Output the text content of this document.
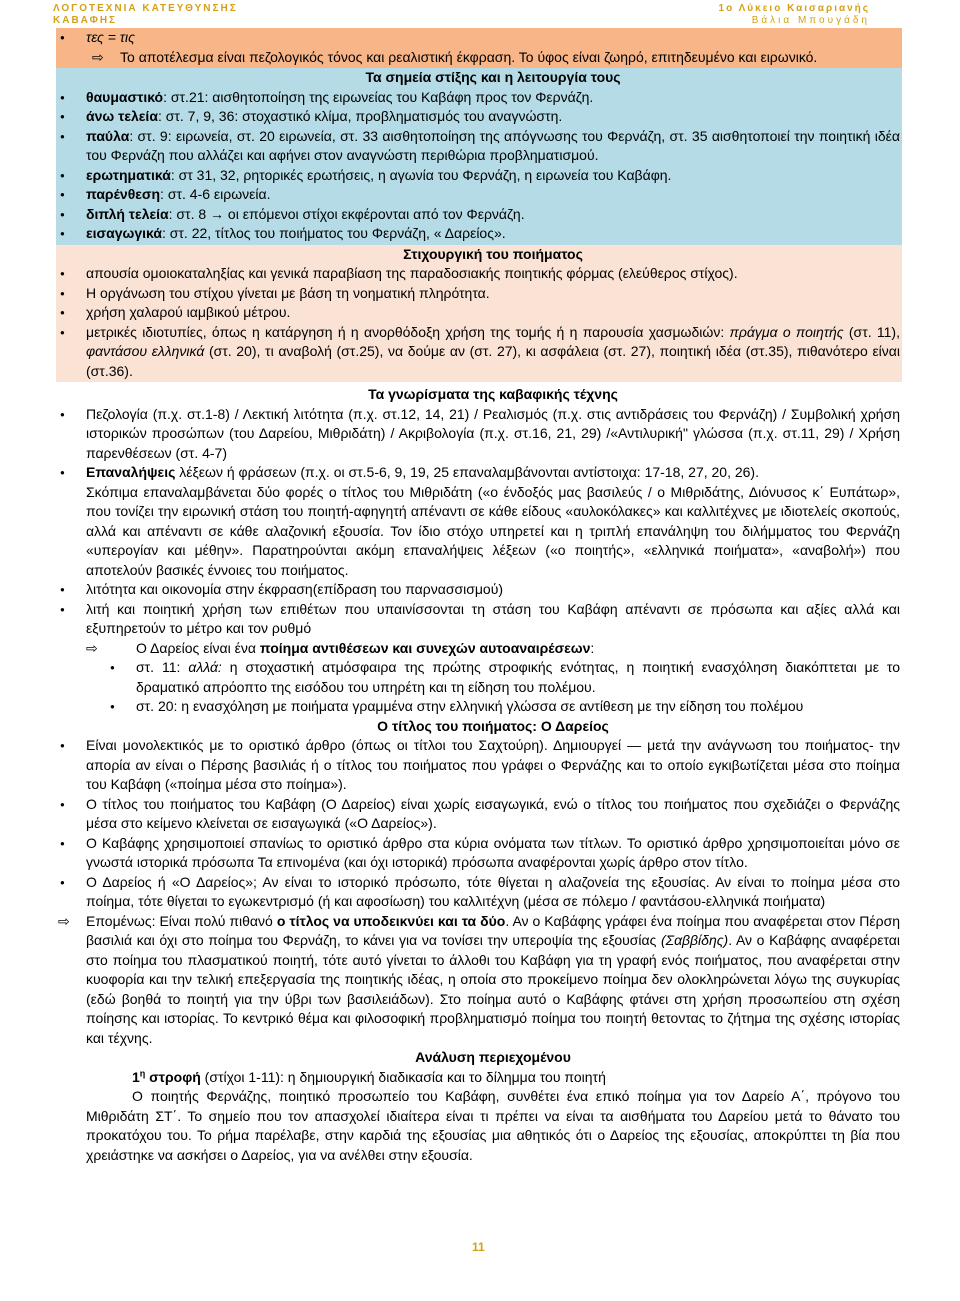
ΛΟΓΟΤΕΧΝΙΑ ΚΑΤΕΥΘΥΝΣΗΣ
ΚΑΒΑΦΗΣ
1ο Λύκειο Καισαριανής
Βάλια Μπουγάδη
● τες = τις
⇨ Το αποτέλεσμα είναι πεζολογικός τόνος και ρεαλιστική έκφραση. Το ύφος είναι ζωηρό, επιτηδευμένο και ειρωνικό.
Τα σημεία στίξης και η λειτουργία τους
● θαυμαστικό: στ.21: αισθητοποίηση της ειρωνείας του Καβάφη προς τον Φερνάζη.
● άνω τελεία: στ. 7, 9, 36: στοχαστικό κλίμα, προβληματισμός του αναγνώστη.
● παύλα: στ. 9: ειρωνεία, στ. 20 ειρωνεία, στ. 33 αισθητοποίηση της απόγνωσης του Φερνάζη, στ. 35 αισθητοποιεί την ποιητική ιδέα του Φερνάζη που αλλάζει και αφήνει στον αναγνώστη περιθώρια προβληματισμού.
● ερωτηματικά: στ 31, 32, ρητορικές ερωτήσεις, η αγωνία του Φερνάζη, η ειρωνεία του Καβάφη.
● παρένθεση: στ. 4-6 ειρωνεία.
● διπλή τελεία: στ. 8 → οι επόμενοι στίχοι εκφέρονται από τον Φερνάζη.
● εισαγωγικά: στ. 22, τίτλος του ποιήματος του Φερνάζη, « Δαρείος».
Στιχουργική του ποιήματος
● απουσία ομοιοκαταληξίας και γενικά παραβίαση της παραδοσιακής ποιητικής φόρμας (ελεύθερος στίχος).
● Η οργάνωση του στίχου γίνεται με βάση τη νοηματική πληρότητα.
● χρήση χαλαρού ιαμβικού μέτρου.
● μετρικές ιδιοτυπίες, όπως η κατάργηση ή η ανορθόδοξη χρήση της τομής ή η παρουσία χασμωδιών: πράγμα ο ποιητής (στ. 11), φαντάσου ελληνικά (στ. 20), τι αναβολή (στ.25), να δούμε αν (στ. 27), κι ασφάλεια (στ. 27), ποιητική ιδέα (στ.35), πιθανότερο είναι (στ.36).
Τα γνωρίσματα της καβαφικής τέχνης
● Πεζολογία (π.χ. στ.1-8) / Λεκτική λιτότητα (π.χ. στ.12, 14, 21) / Ρεαλισμός (π.χ. στις αντιδράσεις του Φερνάζη) / Συμβολική χρήση ιστορικών προσώπων (του Δαρείου, Μιθριδάτη) / Ακριβολογία (π.χ. στ.16, 21, 29) /«Αντιλυρική" γλώσσα (π.χ. στ.11, 29) / Χρήση παρενθέσεων (στ. 4-7)
● Επαναλήψεις λέξεων ή φράσεων (π.χ. οι στ.5-6, 9, 19, 25 επαναλαμβάνονται αντίστοιχα: 17-18, 27, 20, 26).
Σκόπιμα επαναλαμβάνεται δύο φορές ο τίτλος του Μιθριδάτη («ο ένδοξός μας βασιλεύς / ο Μιθριδάτης, Διόνυσος κ΄ Ευπάτωρ», που τονίζει την ειρωνική στάση του ποιητή-αφηγητή απέναντι σε κάθε είδους «αυλοκόλακες» και καλλιτέχνες με ιδιοτελείς σκοπούς, αλλά και απέναντι σε κάθε αλαζονική εξουσία. Τον ίδιο στόχο υπηρετεί και η τριπλή επανάληψη του διλήμματος του Φερνάζη «υπερογίαν και μέθην». Παρατηρούνται ακόμη επαναλήψεις λέξεων («ο ποιητής», «ελληνικά ποιήματα», «αναβολή») που αποτελούν βασικές έννοιες του ποιήματος.
● λιτότητα και οικονομία στην έκφραση(επίδραση του παρνασσισμού)
● λιτή και ποιητική χρήση των επιθέτων που υπαινίσσονται τη στάση του Καβάφη απέναντι σε πρόσωπα και αξίες αλλά και εξυπηρετούν το μέτρο και τον ρυθμό
⇨	Ο Δαρείος είναι ένα ποίημα αντιθέσεων και συνεχών αυτοαναιρέσεων:
● στ. 11: αλλά: η στοχαστική ατμόσφαιρα της πρώτης στροφικής ενότητας, η ποιητική ενασχόληση διακόπτεται με το δραματικό απρόοπτο της εισόδου του υπηρέτη και τη είδηση του πολέμου.
● στ. 20: η ενασχόληση με ποιήματα γραμμένα στην ελληνική γλώσσα σε αντίθεση με την είδηση του πολέμου
Ο τίτλος του ποιήματος: Ο Δαρείος
● Είναι μονολεκτικός με το οριστικό άρθρο (όπως οι τίτλοι του Σαχτούρη). Δημιουργεί — μετά την ανάγνωση του ποιήματος- την απορία αν είναι ο Πέρσης βασιλιάς ή ο τίτλος του ποιήματος που γράφει ο Φερνάζης και το οποίο εγκιβωτίζεται μέσα στο ποίημα του Καβάφη («ποίημα μέσα στο ποίημα»).
● Ο τίτλος του ποιήματος του Καβάφη (Ο Δαρείος) είναι χωρίς εισαγωγικά, ενώ ο τίτλος του ποιήματος που σχεδιάζει ο Φερνάζης μέσα στο κείμενο κλείνεται σε εισαγωγικά («Ο Δαρείος»).
● Ο Καβάφης χρησιμοποιεί σπανίως το οριστικό άρθρο στα κύρια ονόματα των τίτλων. Το οριστικό άρθρο χρησιμοποιείται μόνο σε γνωστά ιστορικά πρόσωπα Τα επινομένα (και όχι ιστορικά) πρόσωπα αναφέρονται χωρίς άρθρο στον τίτλο.
● Ο Δαρείος ή «Ο Δαρείος»; Αν είναι το ιστορικό πρόσωπο, τότε θίγεται η αλαζονεία της εξουσίας. Αν είναι το ποίημα μέσα στο ποίημα, τότε θίγεται το εγωκεντρισμό (ή και αφοσίωση) του καλλιτέχνη (μέσα σε πόλεμο / φαντάσου-ελληνικά ποιήματα)
⇨ Επομένως: Είναι πολύ πιθανό ο τίτλος να υποδεικνύει και τα δύο. Αν ο Καβάφης γράφει ένα ποίημα που αναφέρεται στον Πέρση βασιλιά και όχι στο ποίημα του Φερνάζη, το κάνει για να τονίσει την υπεροψία της εξουσίας (Σαββίδης). Αν ο Καβάφης αναφέρεται στο ποίημα του πλασματικού ποιητή, τότε αυτό γίνεται το άλλοθι του Καβάφη για τη γραφή ενός ποιήματος, που αναφέρεται στην κυοφορία και την τελική επεξεργασία της ποιητικής ιδέας, η οποία στο προκείμενο ποίημα δεν ολοκληρώνεται λόγω της συγκυρίας (εδώ βοηθά το ποιητή για την ύβρι των βασιλειάδων). Στο ποίημα αυτό ο Καβάφης φτάνει στη χρήση προσωπείου στη σχέση ποίησης και ιστορίας. Το κεντρικό θέμα και φιλοσοφική προβληματισμό ποίημα του ποιητή θετοντας το ζήτημα της σχέσης ιστορίας και τέχνης.
Ανάλυση περιεχομένου
$1^\eta$ στροφή (στίχοι 1-11): η δημιουργική διαδικασία και το δίλημμα του ποιητή
Ο ποιητής Φερνάζης, ποιητικό προσωπείο του Καβάφη, συνθέτει ένα επικό ποίημα για τον Δαρείο Α΄, πρόγονο του Μιθριδάτη ΣΤ΄. Το σημείο που τον απασχολεί ιδιαίτερα είναι τι πρέπει να είναι τα αισθήματα του Δαρείου μετά το θάνατο του προκατόχου του. Το ρήμα παρέλαβε, στην καρδιά της εξουσίας μια αθητικός ότι ο Δαρείος της εξουσίας, αποκρύπτει τη βία που χρειάστηκε να ασκήσει ο Δαρείος, για να ανέλθει στην εξουσία.
11
